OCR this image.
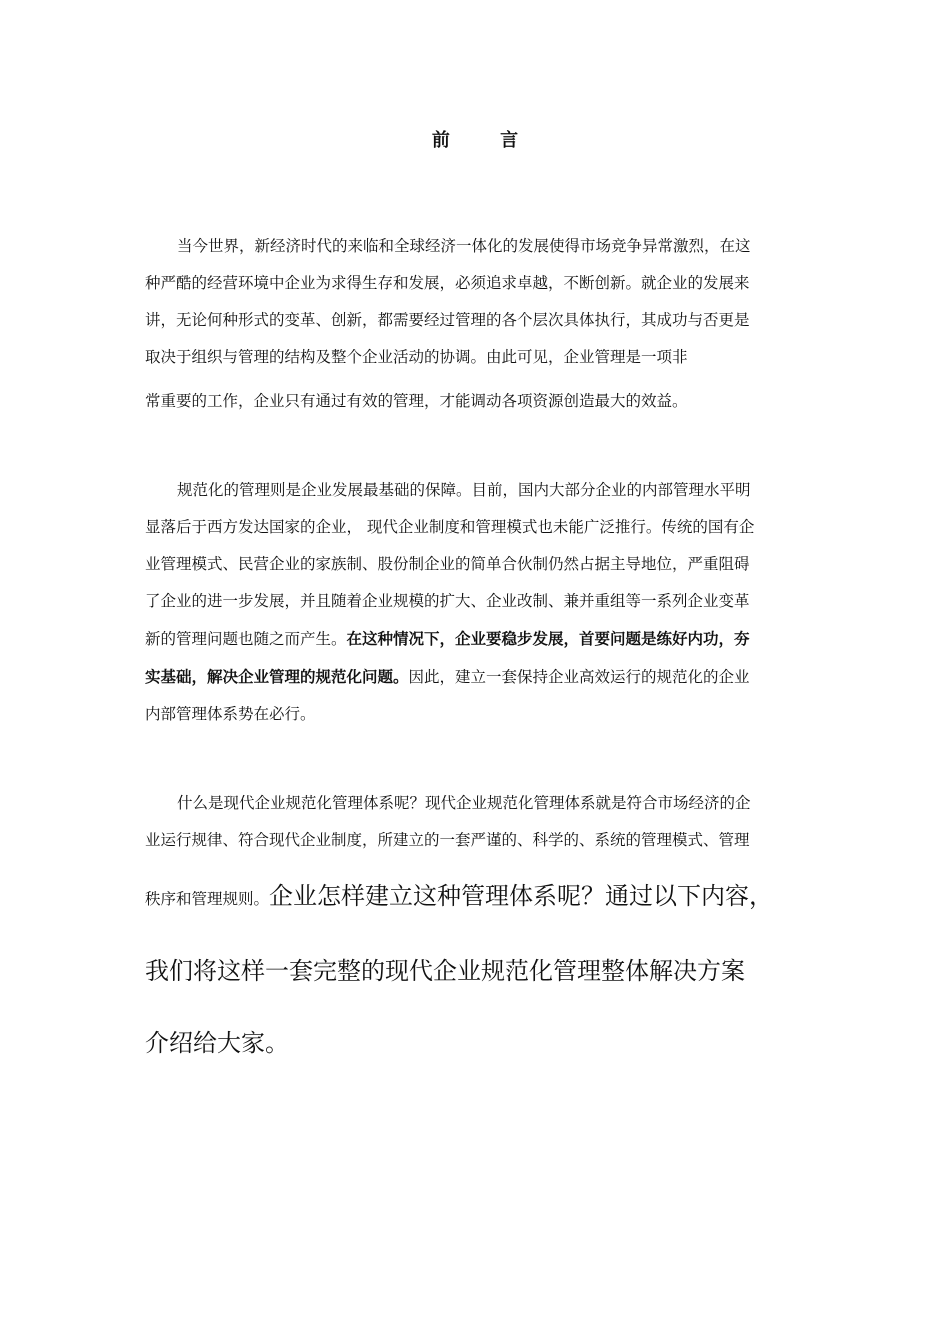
前 言
当今世界，新经济时代的来临和全球经济一体化的发展使得市场竞争异常激烈，在这
种严酷的经营环境中企业为求得生存和发展，必须追求卓越，不断创新。就企业的发展来
讲，无论何种形式的变革、创新，都需要经过管理的各个层次具体执行，其成功与否更是
取决于组织与管理的结构及整个企业活动的协调。由此可见，企业管理是一项非
常重要的工作，企业只有通过有效的管理，才能调动各项资源创造最大的效益。
规范化的管理则是企业发展最基础的保障。目前，国内大部分企业的内部管理水平明
显落后于西方发达国家的企业， 现代企业制度和管理模式也未能广泛推行。传统的国有企
业管理模式、民营企业的家族制、股份制企业的简单合伙制仍然占据主导地位，严重阻碍
了企业的进一步发展，并且随着企业规模的扩大、企业改制、兼并重组等一系列企业变革
新的管理问题也随之而产生。在这种情况下，企业要稳步发展，首要问题是练好内功，夯
实基础，解决企业管理的规范化问题。因此，建立一套保持企业高效运行的规范化的企业
内部管理体系势在必行。
什么是现代企业规范化管理体系呢？现代企业规范化管理体系就是符合市场经济的企
业运行规律、符合现代企业制度，所建立的一套严谨的、科学的、系统的管理模式、管理
秩序和管理规则。企业怎样建立这种管理体系呢？通过以下内容，
我们将这样一套完整的现代企业规范化管理整体解决方案
介绍给大家。
